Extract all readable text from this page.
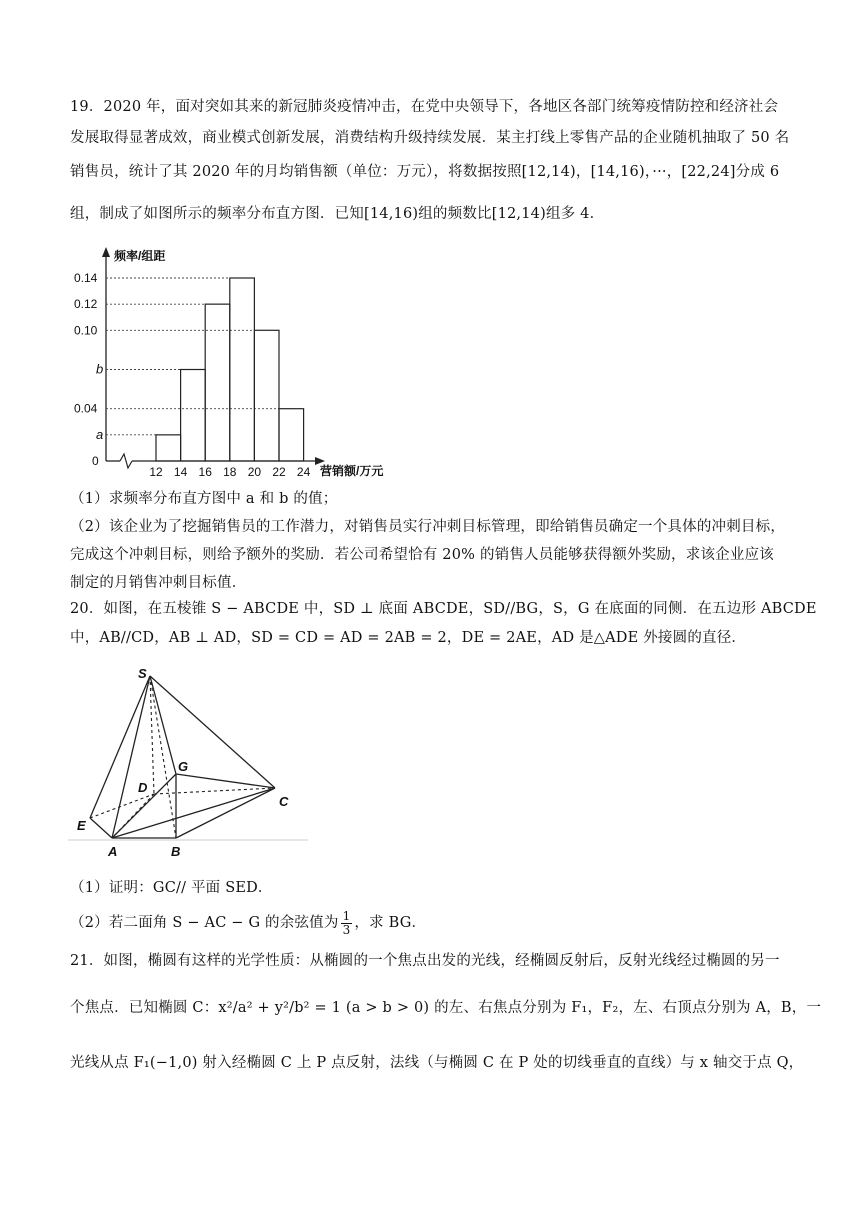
19．2020 年，面对突如其来的新冠肺炎疫情冲击，在党中央领导下，各地区各部门统筹疫情防控和经济社会
发展取得显著成效，商业模式创新发展，消费结构升级持续发展．某主打线上零售产品的企业随机抽取了 50 名
销售员，统计了其 2020 年的月均销售额（单位：万元），将数据按照[12,14)，[14,16)，···，[22,24]分成 6
组，制成了如图所示的频率分布直方图．已知[14,16)组的频数比[12,14)组多 4．
0.14
0.12
0.10
b
0.04
a
0
12 14 16 18 20 22 24
频率/组距
营销额/万元
（1）求频率分布直方图中 a 和 b 的值；
（2）该企业为了挖掘销售员的工作潜力，对销售员实行冲刺目标管理，即给销售员确定一个具体的冲刺目标，
完成这个冲刺目标，则给予额外的奖励．若公司希望恰有 20% 的销售人员能够获得额外奖励，求该企业应该
制定的月销售冲刺目标值．
20．如图，在五棱锥 S − ABCDE 中，SD ⊥ 底面 ABCDE，SD//BG，S，G 在底面的同侧．在五边形 ABCDE
中，AB//CD，AB ⊥ AD，SD = CD = AD = 2AB = 2，DE = 2AE，AD 是△ADE 外接圆的直径．
S
G
D
C
E
A	B
（1）证明：GC// 平面 SED．
（2）若二面角 S − AC − G 的余弦值为 $\frac{1}{3}$ ，求 BG．
21．如图，椭圆有这样的光学性质：从椭圆的一个焦点出发的光线，经椭圆反射后，反射光线经过椭圆的另一
个焦点．已知椭圆 C：x²/a² + y²/b² = 1 (a > b > 0) 的左、右焦点分别为 F₁，F₂，左、右顶点分别为 A，B，一
光线从点 F₁(−1,0) 射入经椭圆 C 上 P 点反射，法线（与椭圆 C 在 P 处的切线垂直的直线）与 x 轴交于点 Q，
